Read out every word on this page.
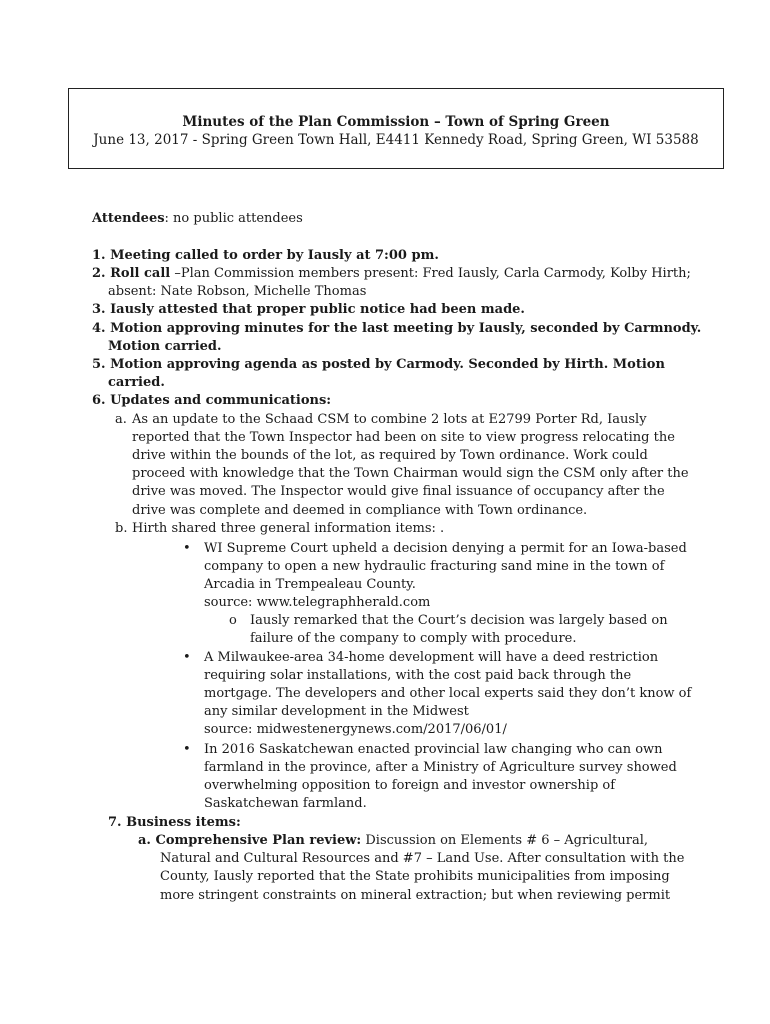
Minutes of the Plan Commission – Town of Spring Green
June 13, 2017 - Spring Green Town Hall, E4411 Kennedy Road, Spring Green, WI 53588
Attendees: no public attendees
1. Meeting called to order by Iausly at 7:00 pm.
2. Roll call –Plan Commission members present: Fred Iausly, Carla Carmody, Kolby Hirth;
absent: Nate Robson, Michelle Thomas
3. Iausly attested that proper public notice had been made.
4. Motion approving minutes for the last meeting by Iausly, seconded by Carmnody.
Motion carried.
5. Motion approving agenda as posted by Carmody. Seconded by Hirth. Motion
carried.
6. Updates and communications:
a. As an update to the Schaad CSM to combine 2 lots at E2799 Porter Rd, Iausly
reported that the Town Inspector had been on site to view progress relocating the
drive within the bounds of the lot, as required by Town ordinance. Work could
proceed with knowledge that the Town Chairman would sign the CSM only after the
drive was moved. The Inspector would give final issuance of occupancy after the
drive was complete and deemed in compliance with Town ordinance.
b. Hirth shared three general information items: .
• WI Supreme Court upheld a decision denying a permit for an Iowa-based
company to open a new hydraulic fracturing sand mine in the town of
Arcadia in Trempealeau County.
source: www.telegraphherald.com
o Iausly remarked that the Court’s decision was largely based on
failure of the company to comply with procedure.
• A Milwaukee-area 34-home development will have a deed restriction
requiring solar installations, with the cost paid back through the
mortgage. The developers and other local experts said they don’t know of
any similar development in the Midwest
source: midwestenergynews.com/2017/06/01/
• In 2016 Saskatchewan enacted provincial law changing who can own
farmland in the province, after a Ministry of Agriculture survey showed
overwhelming opposition to foreign and investor ownership of
Saskatchewan farmland.
7. Business items:
a. Comprehensive Plan review: Discussion on Elements # 6 – Agricultural,
Natural and Cultural Resources and #7 – Land Use. After consultation with the
County, Iausly reported that the State prohibits municipalities from imposing
more stringent constraints on mineral extraction; but when reviewing permit
